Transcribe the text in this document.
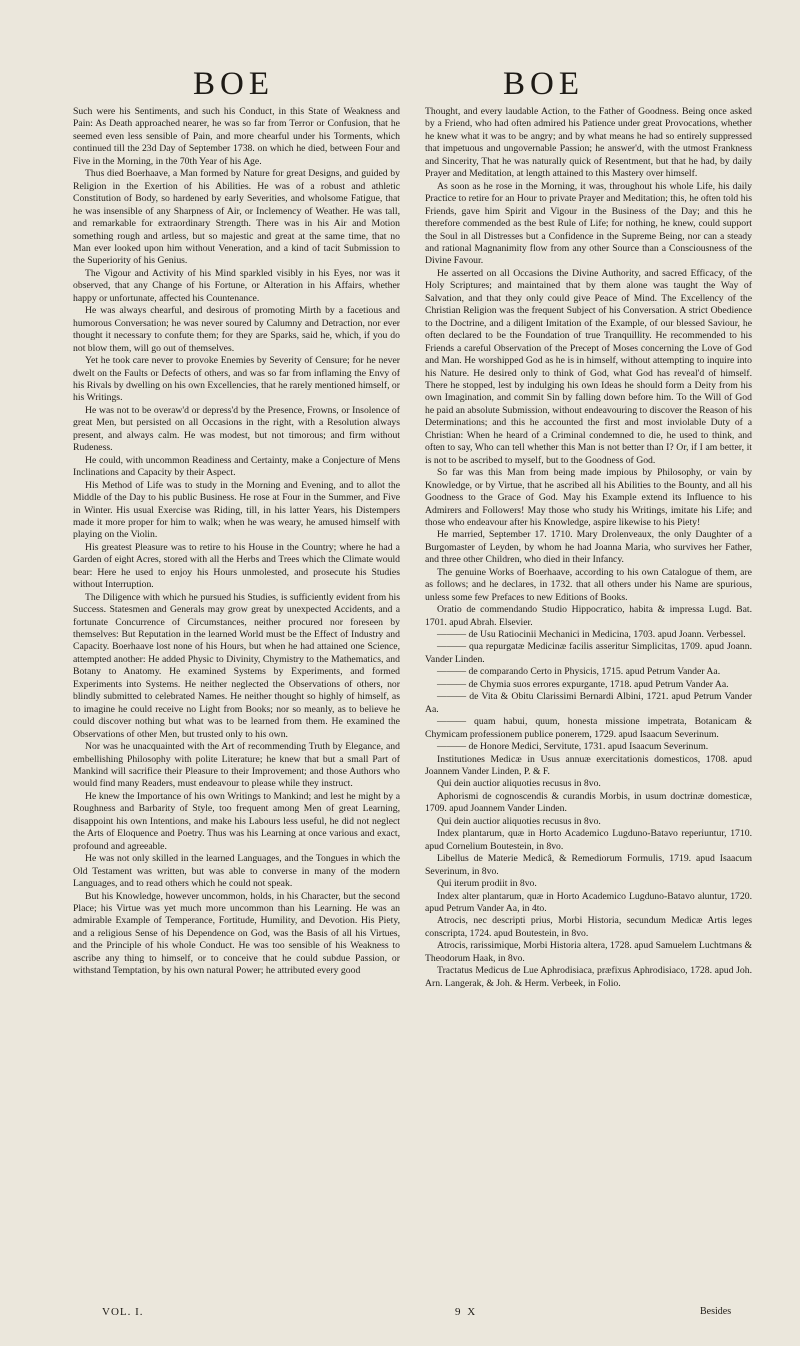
BOE	BOE

Such were his Sentiments, and such his Conduct, in this State of Weakness and Pain: As Death approached nearer, he was so far from Terror or Confusion, that he seemed even less sensible of Pain, and more chearful under his Torments, which continued till the 23d Day of September 1738. on which he died, between Four and Five in the Morning, in the 70th Year of his Age.

Thus died Boerhaave, a Man formed by Nature for great Designs, and guided by Religion in the Exertion of his Abilities. He was of a robust and athletic Constitution of Body, so hardened by early Severities, and wholsome Fatigue, that he was insensible of any Sharpness of Air, or Inclemency of Weather. He was tall, and remarkable for extraordinary Strength. There was in his Air and Motion something rough and artless, but so majestic and great at the same time, that no Man ever looked upon him without Veneration, and a kind of tacit Submission to the Superiority of his Genius.

The Vigour and Activity of his Mind sparkled visibly in his Eyes, nor was it observed, that any Change of his Fortune, or Alteration in his Affairs, whether happy or unfortunate, affected his Countenance.

He was always chearful, and desirous of promoting Mirth by a facetious and humorous Conversation; he was never soured by Calumny and Detraction, nor ever thought it necessary to confute them; for they are Sparks, said he, which, if you do not blow them, will go out of themselves.

Yet he took care never to provoke Enemies by Severity of Censure; for he never dwelt on the Faults or Defects of others, and was so far from inflaming the Envy of his Rivals by dwelling on his own Excellencies, that he rarely mentioned himself, or his Writings.

He was not to be overaw'd or depress'd by the Presence, Frowns, or Insolence of great Men, but persisted on all Occasions in the right, with a Resolution always present, and always calm. He was modest, but not timorous; and firm without Rudeness.

He could, with uncommon Readiness and Certainty, make a Conjecture of Mens Inclinations and Capacity by their Aspect.

His Method of Life was to study in the Morning and Evening, and to allot the Middle of the Day to his public Business. He rose at Four in the Summer, and Five in Winter. His usual Exercise was Riding, till, in his latter Years, his Distempers made it more proper for him to walk; when he was weary, he amused himself with playing on the Violin.

His greatest Pleasure was to retire to his House in the Country; where he had a Garden of eight Acres, stored with all the Herbs and Trees which the Climate would bear: Here he used to enjoy his Hours unmolested, and prosecute his Studies without Interruption.

The Diligence with which he pursued his Studies, is sufficiently evident from his Success. Statesmen and Generals may grow great by unexpected Accidents, and a fortunate Concurrence of Circumstances, neither procured nor foreseen by themselves: But Reputation in the learned World must be the Effect of Industry and Capacity. Boerhaave lost none of his Hours, but when he had attained one Science, attempted another: He added Physic to Divinity, Chymistry to the Mathematics, and Botany to Anatomy. He examined Systems by Experiments, and formed Experiments into Systems. He neither neglected the Observations of others, nor blindly submitted to celebrated Names. He neither thought so highly of himself, as to imagine he could receive no Light from Books; nor so meanly, as to believe he could discover nothing but what was to be learned from them. He examined the Observations of other Men, but trusted only to his own.

Nor was he unacquainted with the Art of recommending Truth by Elegance, and embellishing Philosophy with polite Literature; he knew that but a small Part of Mankind will sacrifice their Pleasure to their Improvement; and those Authors who would find many Readers, must endeavour to please while they instruct.

He knew the Importance of his own Writings to Mankind; and lest he might by a Roughness and Barbarity of Style, too frequent among Men of great Learning, disappoint his own Intentions, and make his Labours less useful, he did not neglect the Arts of Eloquence and Poetry. Thus was his Learning at once various and exact, profound and agreeable.

He was not only skilled in the learned Languages, and the Tongues in which the Old Testament was written, but was able to converse in many of the modern Languages, and to read others which he could not speak.

But his Knowledge, however uncommon, holds, in his Character, but the second Place; his Virtue was yet much more uncommon than his Learning. He was an admirable Example of Temperance, Fortitude, Humility, and Devotion. His Piety, and a religious Sense of his Dependence on God, was the Basis of all his Virtues, and the Principle of his whole Conduct. He was too sensible of his Weakness to ascribe any thing to himself, or to conceive that he could subdue Passion, or withstand Temptation, by his own natural Power; he attributed every good

Thought, and every laudable Action, to the Father of Goodness. Being once asked by a Friend, who had often admired his Patience under great Provocations, whether he knew what it was to be angry; and by what means he had so entirely suppressed that impetuous and ungovernable Passion; he answer'd, with the utmost Frankness and Sincerity, That he was naturally quick of Resentment, but that he had, by daily Prayer and Meditation, at length attained to this Mastery over himself.

As soon as he rose in the Morning, it was, throughout his whole Life, his daily Practice to retire for an Hour to private Prayer and Meditation; this, he often told his Friends, gave him Spirit and Vigour in the Business of the Day; and this he therefore commended as the best Rule of Life; for nothing, he knew, could support the Soul in all Distresses but a Confidence in the Supreme Being, nor can a steady and rational Magnanimity flow from any other Source than a Consciousness of the Divine Favour.

He asserted on all Occasions the Divine Authority, and sacred Efficacy, of the Holy Scriptures; and maintained that by them alone was taught the Way of Salvation, and that they only could give Peace of Mind. The Excellency of the Christian Religion was the frequent Subject of his Conversation. A strict Obedience to the Doctrine, and a diligent Imitation of the Example, of our blessed Saviour, he often declared to be the Foundation of true Tranquillity. He recommended to his Friends a careful Observation of the Precept of Moses concerning the Love of God and Man. He worshipped God as he is in himself, without attempting to inquire into his Nature. He desired only to think of God, what God has reveal'd of himself. There he stopped, lest by indulging his own Ideas he should form a Deity from his own Imagination, and commit Sin by falling down before him. To the Will of God he paid an absolute Submission, without endeavouring to discover the Reason of his Determinations; and this he accounted the first and most inviolable Duty of a Christian: When he heard of a Criminal condemned to die, he used to think, and often to say, Who can tell whether this Man is not better than I? Or, if I am better, it is not to be ascribed to myself, but to the Goodness of God.

So far was this Man from being made impious by Philosophy, or vain by Knowledge, or by Virtue, that he ascribed all his Abilities to the Bounty, and all his Goodness to the Grace of God. May his Example extend its Influence to his Admirers and Followers! May those who study his Writings, imitate his Life; and those who endeavour after his Knowledge, aspire likewise to his Piety!

He married, September 17. 1710. Mary Drolenveaux, the only Daughter of a Burgomaster of Leyden, by whom he had Joanna Maria, who survives her Father, and three other Children, who died in their Infancy.

The genuine Works of Boerhaave, according to his own Catalogue of them, are as follows; and he declares, in 1732. that all others under his Name are spurious, unless some few Prefaces to new Editions of Books.

Oratio de commendando Studio Hippocratico, habita & impressa Lugd. Bat. 1701. apud Abrah. Elsevier.

——— de Usu Ratiocinii Mechanici in Medicina, 1703. apud Joann. Verbessel.

——— qua repurgatæ Medicinæ facilis asseritur Simplicitas, 1709. apud Joann. Vander Linden.

——— de comparando Certo in Physicis, 1715. apud Petrum Vander Aa.

——— de Chymia suos errores expurgante, 1718. apud Petrum Vander Aa.

——— de Vita & Obitu Clarissimi Bernardi Albini, 1721. apud Petrum Vander Aa.

——— quam habui, quum, honesta missione impetrata, Botanicam & Chymicam professionem publice ponerem, 1729. apud Isaacum Severinum.

——— de Honore Medici, Servitute, 1731. apud Isaacum Severinum.

Institutiones Medicæ in Usus annuæ exercitationis domesticos, 1708. apud Joannem Vander Linden, P. & F.

Qui dein auctior aliquoties recusus in 8vo.

Aphorismi de cognoscendis & curandis Morbis, in usum doctrinæ domesticæ, 1709. apud Joannem Vander Linden.

Qui dein auctior aliquoties recusus in 8vo.

Index plantarum, quæ in Horto Academico Lugduno-Batavo reperiuntur, 1710. apud Cornelium Boutestein, in 8vo.

Libellus de Materie Medicâ, & Remediorum Formulis, 1719. apud Isaacum Severinum, in 8vo.

Qui iterum prodiit in 8vo.

Index alter plantarum, quæ in Horto Academico Lugduno-Batavo aluntur, 1720. apud Petrum Vander Aa, in 4to.

Atrocis, nec descripti prius, Morbi Historia, secundum Medicæ Artis leges conscripta, 1724. apud Boutestein, in 8vo.

Atrocis, rarissimique, Morbi Historia altera, 1728. apud Samuelem Luchtmans & Theodorum Haak, in 8vo.

Tractatus Medicus de Lue Aphrodisiaca, præfixus Aphrodisiaco, 1728. apud Joh. Arn. Langerak, & Joh. & Herm. Verbeek, in Folio.

VOL. I.	9 X	Besides
